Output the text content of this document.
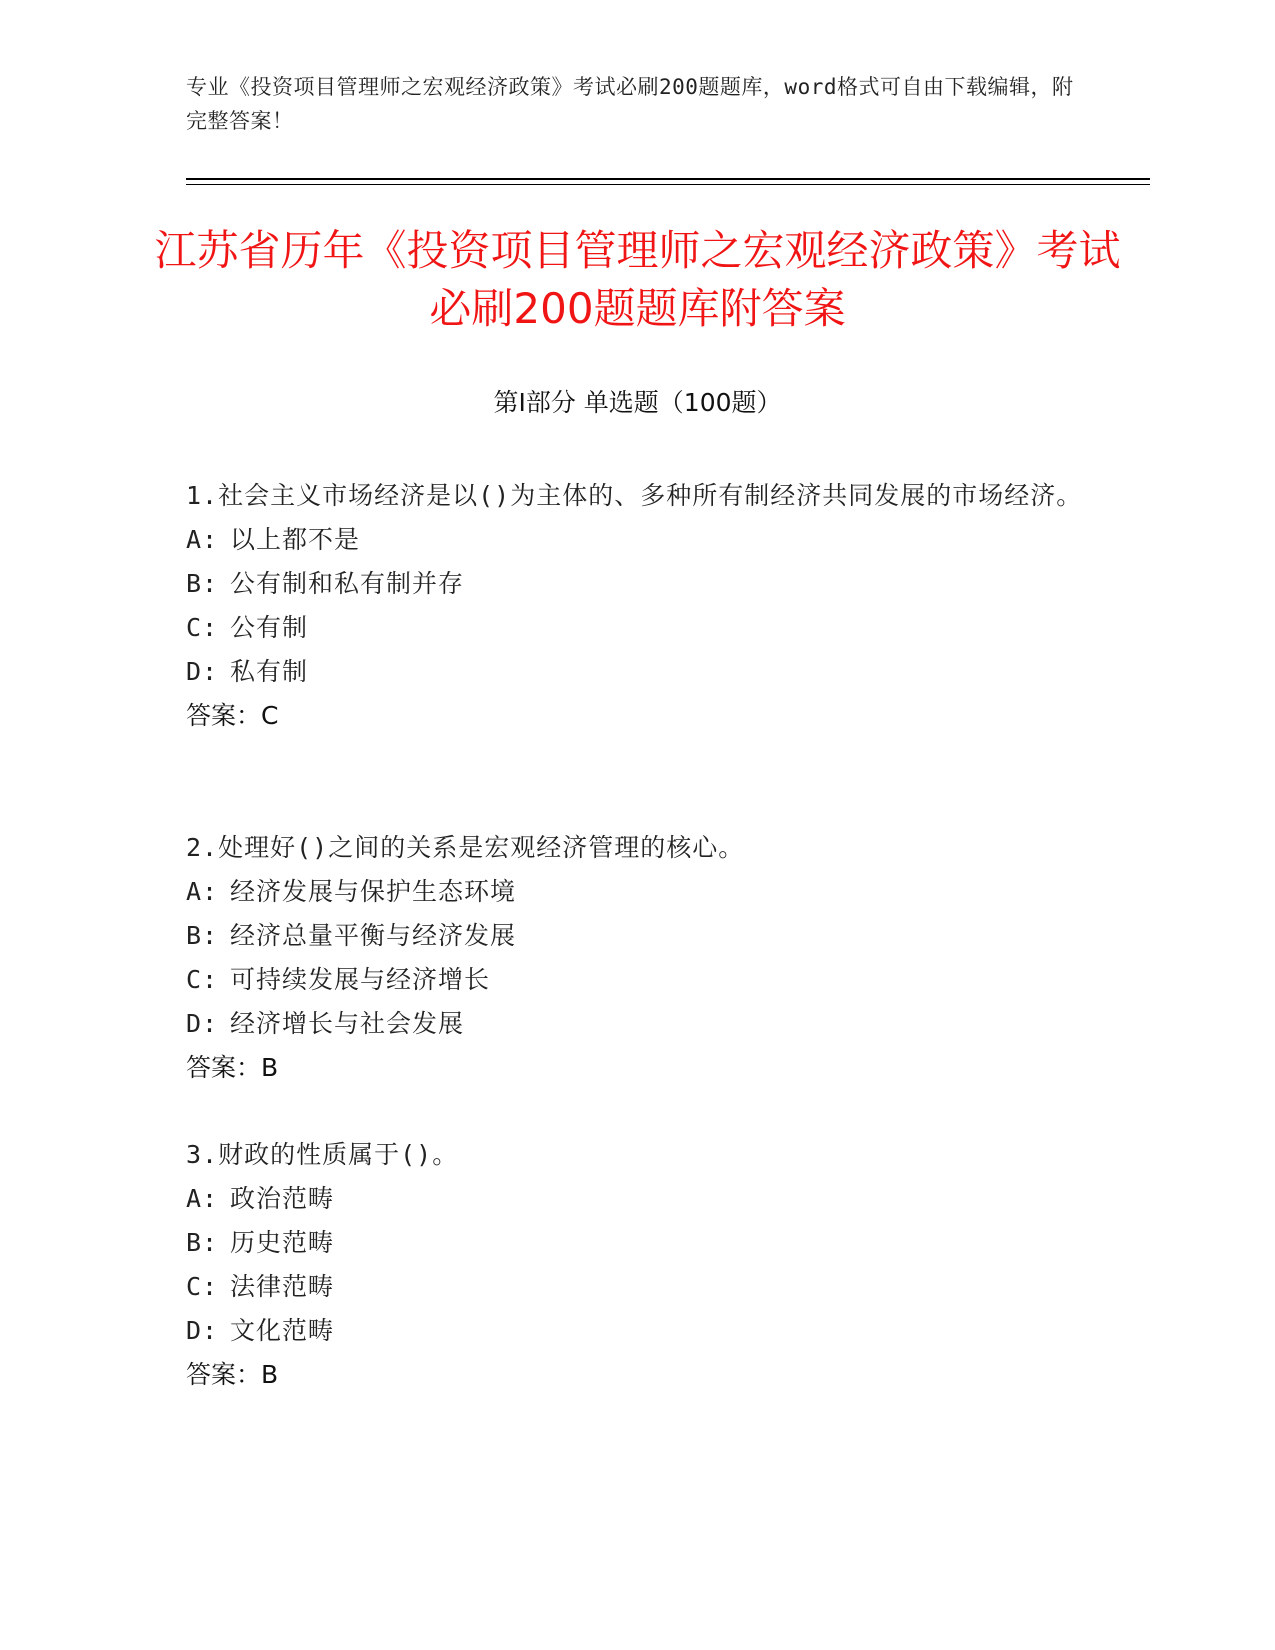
专业《投资项目管理师之宏观经济政策》考试必刷200题题库，word格式可自由下载编辑，附完整答案！
江苏省历年《投资项目管理师之宏观经济政策》考试必刷200题题库附答案
第Ⅰ部分 单选题（100题）
1.社会主义市场经济是以()为主体的、多种所有制经济共同发展的市场经济。
A: 以上都不是
B: 公有制和私有制并存
C: 公有制
D: 私有制
答案：C
2.处理好()之间的关系是宏观经济管理的核心。
A: 经济发展与保护生态环境
B: 经济总量平衡与经济发展
C: 可持续发展与经济增长
D: 经济增长与社会发展
答案：B
3.财政的性质属于()。
A: 政治范畴
B: 历史范畴
C: 法律范畴
D: 文化范畴
答案：B
